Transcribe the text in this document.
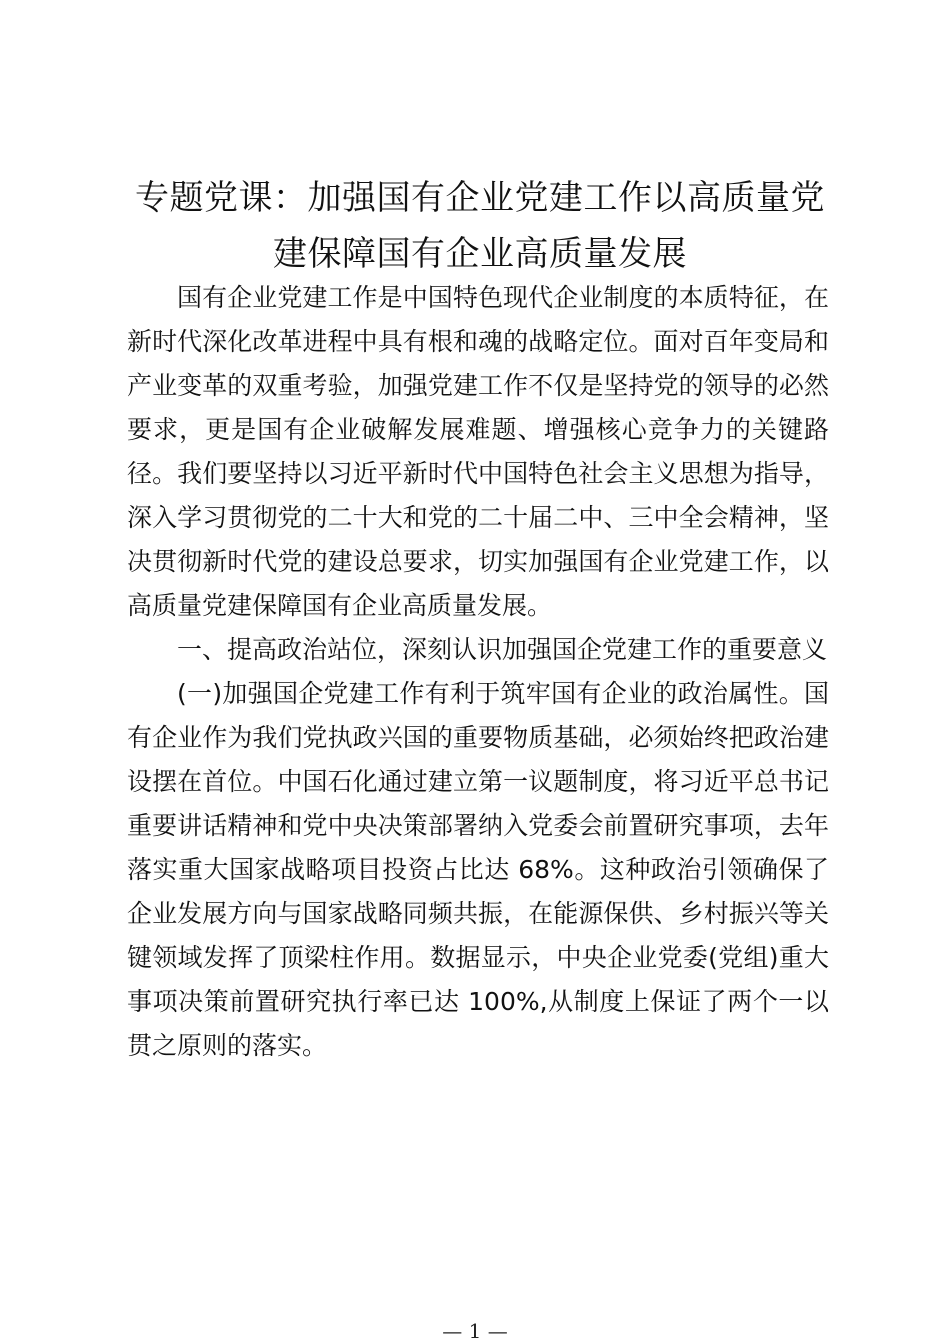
专题党课：加强国有企业党建工作以高质量党
建保障国有企业高质量发展

国有企业党建工作是中国特色现代企业制度的本质特征，在新时代深化改革进程中具有根和魂的战略定位。面对百年变局和产业变革的双重考验，加强党建工作不仅是坚持党的领导的必然要求，更是国有企业破解发展难题、增强核心竞争力的关键路径。我们要坚持以习近平新时代中国特色社会主义思想为指导，深入学习贯彻党的二十大和党的二十届二中、三中全会精神，坚决贯彻新时代党的建设总要求，切实加强国有企业党建工作，以高质量党建保障国有企业高质量发展。

一、提高政治站位，深刻认识加强国企党建工作的重要意义

(一)加强国企党建工作有利于筑牢国有企业的政治属性。国有企业作为我们党执政兴国的重要物质基础，必须始终把政治建设摆在首位。中国石化通过建立第一议题制度，将习近平总书记重要讲话精神和党中央决策部署纳入党委会前置研究事项，去年落实重大国家战略项目投资占比达 68%。这种政治引领确保了企业发展方向与国家战略同频共振，在能源保供、乡村振兴等关键领域发挥了顶梁柱作用。数据显示，中央企业党委(党组)重大事项决策前置研究执行率已达 100%,从制度上保证了两个一以贯之原则的落实。

— 1 —
